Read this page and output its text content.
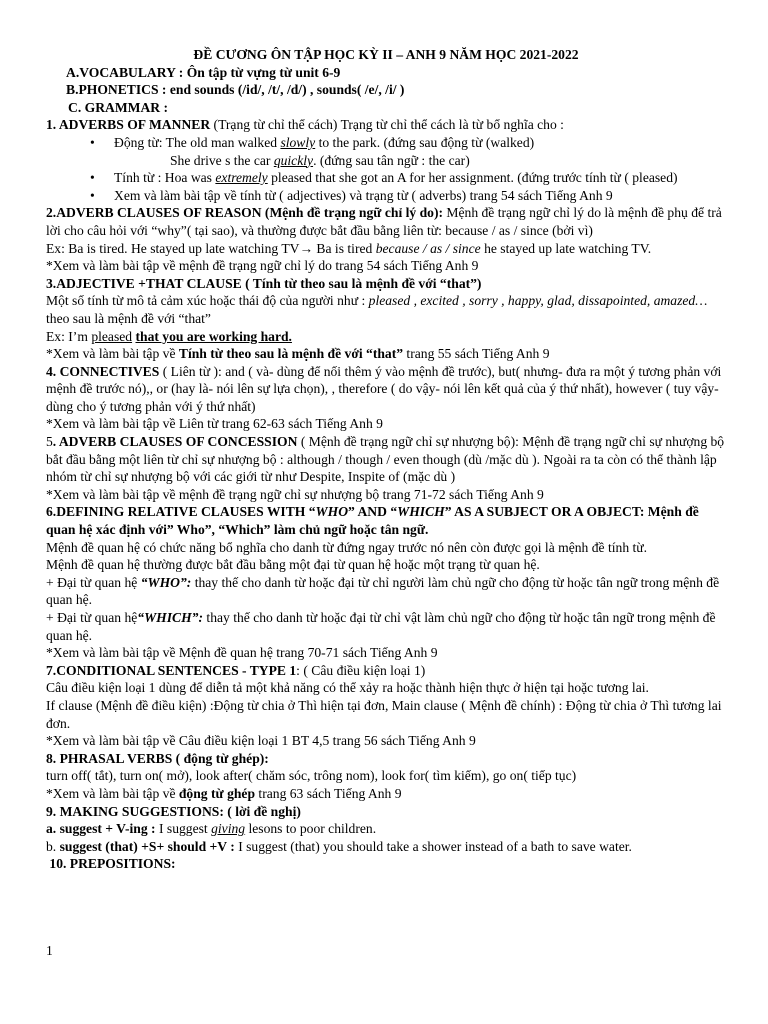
ĐỀ CƯƠNG ÔN TẬP HỌC KỲ II – ANH 9 NĂM HỌC 2021-2022

A.VOCABULARY : Ôn tập từ vựng từ unit 6-9

B.PHONETICS : end sounds (/id/, /t/, /d/) , sounds( /e/, /i/ )

C. GRAMMAR :

1. ADVERBS OF MANNER (Trạng từ chỉ thể cách) Trạng từ chỉ thể cách là từ bổ nghĩa cho :

• Động từ: The old man walked slowly to the park. (đứng sau động từ (walked)

She drive s the car quickly. (đứng sau tân ngữ : the car)

• Tính từ : Hoa was extremely pleased that she got an A for her assignment. (đứng trước tính từ ( pleased)
• Xem và làm bài tập về tính từ ( adjectives) và trạng từ ( adverbs) trang 54 sách Tiếng Anh 9

2.ADVERB CLAUSES OF REASON (Mệnh đề trạng ngữ chỉ lý do): Mệnh đề trạng ngữ chỉ lý do là mệnh đề phụ để trả lời cho câu hỏi với “why”( tại sao), và thường được bắt đầu bằng liên từ: because / as / since (bởi vì)

Ex: Ba is tired. He stayed up late watching TV→ Ba is tired because / as / since he stayed up late watching TV.

*Xem và làm bài tập về mệnh đề trạng ngữ chỉ lý do trang 54 sách Tiếng Anh 9

3.ADJECTIVE +THAT CLAUSE ( Tính từ theo sau là mệnh đề với “that”)

Một số tính từ mô tả cảm xúc hoặc thái độ của người như : pleased , excited , sorry , happy, glad, dissapointed, amazed… theo sau là mệnh đề với “that”

Ex: I’m pleased that you are working hard.

*Xem và làm bài tập về Tính từ theo sau là mệnh đề với “that” trang 55 sách Tiếng Anh 9

4. CONNECTIVES ( Liên từ ): and ( và- dùng để nối thêm ý vào mệnh đề trước), but( nhưng- đưa ra một ý tương phản với mệnh đề trước nó),, or (hay là- nói lên sự lựa chọn), , therefore ( do vậy- nói lên kết quả của ý thứ nhất), however ( tuy vậy- dùng cho ý tương phản với ý thứ nhất)

*Xem và làm bài tập về Liên từ trang 62-63 sách Tiếng Anh 9

5. ADVERB CLAUSES OF CONCESSION ( Mệnh đề trạng ngữ chỉ sự nhượng bộ): Mệnh đề trạng ngữ chỉ sự nhượng bộ bắt đầu bằng một liên từ chỉ sự nhượng bộ : although / though / even though (dù /mặc dù ). Ngoài ra ta còn có thể thành lập nhóm từ chỉ sự nhượng bộ với các giới từ như Despite, Inspite of (mặc dù )

*Xem và làm bài tập về mệnh đề trạng ngữ chỉ sự nhượng bộ trang 71-72 sách Tiếng Anh 9

6.DEFINING RELATIVE CLAUSES WITH “WHO” AND “WHICH” AS A SUBJECT OR A OBJECT: Mệnh đề quan hệ xác định với” Who”, “Which” làm chủ ngữ hoặc tân ngữ.

Mệnh đề quan hệ có chức năng bổ nghĩa cho danh từ đứng ngay trước nó nên còn được gọi là mệnh đề tính từ.

Mệnh đề quan hệ thường được bắt đầu bằng một đại từ quan hệ hoặc một trạng từ quan hệ.

+ Đại từ quan hệ “WHO”: thay thế cho danh từ hoặc đại từ chỉ người làm chủ ngữ cho động từ hoặc tân ngữ trong mệnh đề quan hệ.

+ Đại từ quan hệ“WHICH”: thay thế cho danh từ hoặc đại từ chỉ vật làm chủ ngữ cho động từ hoặc tân ngữ trong mệnh đề quan hệ.

*Xem và làm bài tập về Mệnh đề quan hệ trang 70-71 sách Tiếng Anh 9

7.CONDITIONAL SENTENCES - TYPE 1: ( Câu điều kiện loại 1)

Câu điều kiện loại 1 dùng để diễn tả một khả năng có thể xảy ra hoặc thành hiện thực ở hiện tại hoặc tương lai.

If clause (Mệnh đề điều kiện) :Động từ chia ở Thì hiện tại đơn, Main clause ( Mệnh đề chính) : Động từ chia ở Thì tương lai đơn.

*Xem và làm bài tập về Câu điều kiện loại 1 BT 4,5 trang 56 sách Tiếng Anh 9

8. PHRASAL VERBS ( động từ ghép):

turn off( tắt), turn on( mở), look after( chăm sóc, trông nom), look for( tìm kiếm), go on( tiếp tục)

*Xem và làm bài tập về động từ ghép trang 63 sách Tiếng Anh 9

9. MAKING SUGGESTIONS: ( lời đề nghị)

a. suggest + V-ing : I suggest giving lesons to poor children.

b. suggest (that) +S+ should +V : I suggest (that) you should take a shower instead of a bath to save water.

10. PREPOSITIONS:

1
